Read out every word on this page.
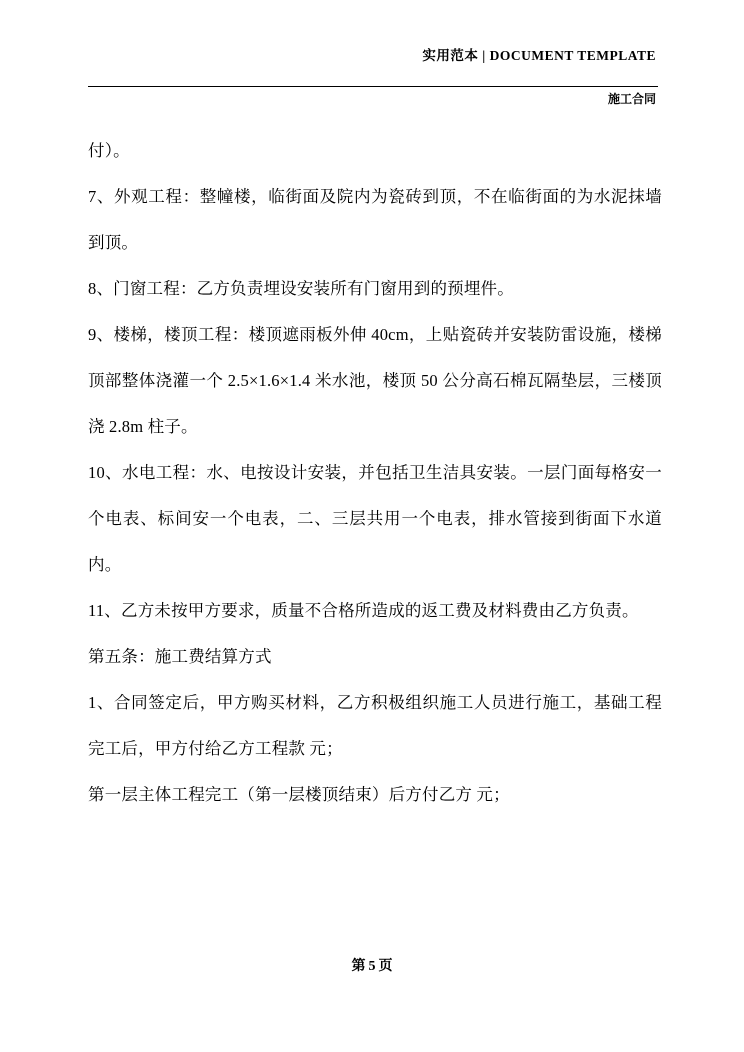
实用范本 | DOCUMENT TEMPLATE
施工合同

付）。

7、外观工程：整幢楼，临街面及院内为瓷砖到顶，不在临街面的为水泥抹墙到顶。

8、门窗工程：乙方负责埋设安装所有门窗用到的预埋件。

9、楼梯，楼顶工程：楼顶遮雨板外伸 40cm，上贴瓷砖并安装防雷设施，楼梯顶部整体浇灌一个 2.5×1.6×1.4 米水池，楼顶 50 公分高石棉瓦隔垫层，三楼顶浇 2.8m 柱子。

10、水电工程：水、电按设计安装，并包括卫生洁具安装。一层门面每格安一个电表、标间安一个电表，二、三层共用一个电表，排水管接到街面下水道内。

11、乙方未按甲方要求，质量不合格所造成的返工费及材料费由乙方负责。

第五条：施工费结算方式

1、合同签定后，甲方购买材料，乙方积极组织施工人员进行施工，基础工程完工后，甲方付给乙方工程款 元；

第一层主体工程完工（第一层楼顶结束）后方付乙方 元；

第 5 页
